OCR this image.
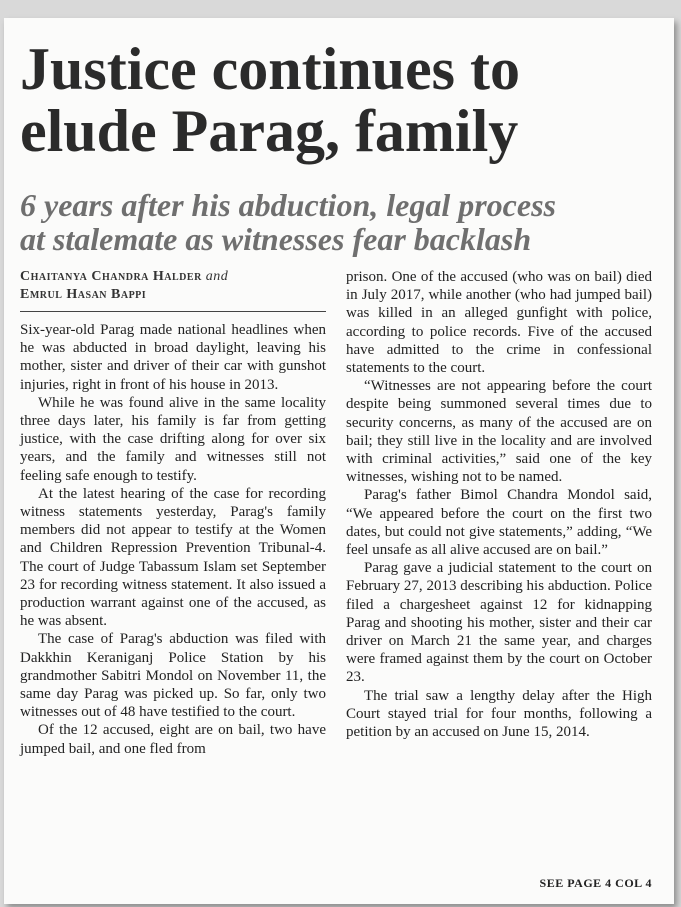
Justice continues to
elude Parag, family
6 years after his abduction, legal process
at stalemate as witnesses fear backlash
Chaitanya Chandra Halder and
Emrul Hasan Bappi

Six-year-old Parag made national headlines when he was abducted in broad daylight, leaving his mother, sister and driver of their car with gunshot injuries, right in front of his house in 2013.

While he was found alive in the same locality three days later, his family is far from getting justice, with the case drifting along for over six years, and the family and witnesses still not feeling safe enough to testify.

At the latest hearing of the case for recording witness statements yesterday, Parag's family members did not appear to testify at the Women and Children Repression Prevention Tribunal-4. The court of Judge Tabassum Islam set September 23 for recording witness statement. It also issued a production warrant against one of the accused, as he was absent.

The case of Parag's abduction was filed with Dakkhin Keraniganj Police Station by his grandmother Sabitri Mondol on November 11, the same day Parag was picked up. So far, only two witnesses out of 48 have testified to the court.

Of the 12 accused, eight are on bail, two have jumped bail, and one fled from

prison. One of the accused (who was on bail) died in July 2017, while another (who had jumped bail) was killed in an alleged gunfight with police, according to police records. Five of the accused have admitted to the crime in confessional statements to the court.

“Witnesses are not appearing before the court despite being summoned several times due to security concerns, as many of the accused are on bail; they still live in the locality and are involved with criminal activities,” said one of the key witnesses, wishing not to be named.

Parag's father Bimol Chandra Mondol said, “We appeared before the court on the first two dates, but could not give statements,” adding, “We feel unsafe as all alive accused are on bail.”

Parag gave a judicial statement to the court on February 27, 2013 describing his abduction. Police filed a chargesheet against 12 for kidnapping Parag and shooting his mother, sister and their car driver on March 21 the same year, and charges were framed against them by the court on October 23.

The trial saw a lengthy delay after the High Court stayed trial for four months, following a petition by an accused on June 15, 2014.

SEE PAGE 4 COL 4
